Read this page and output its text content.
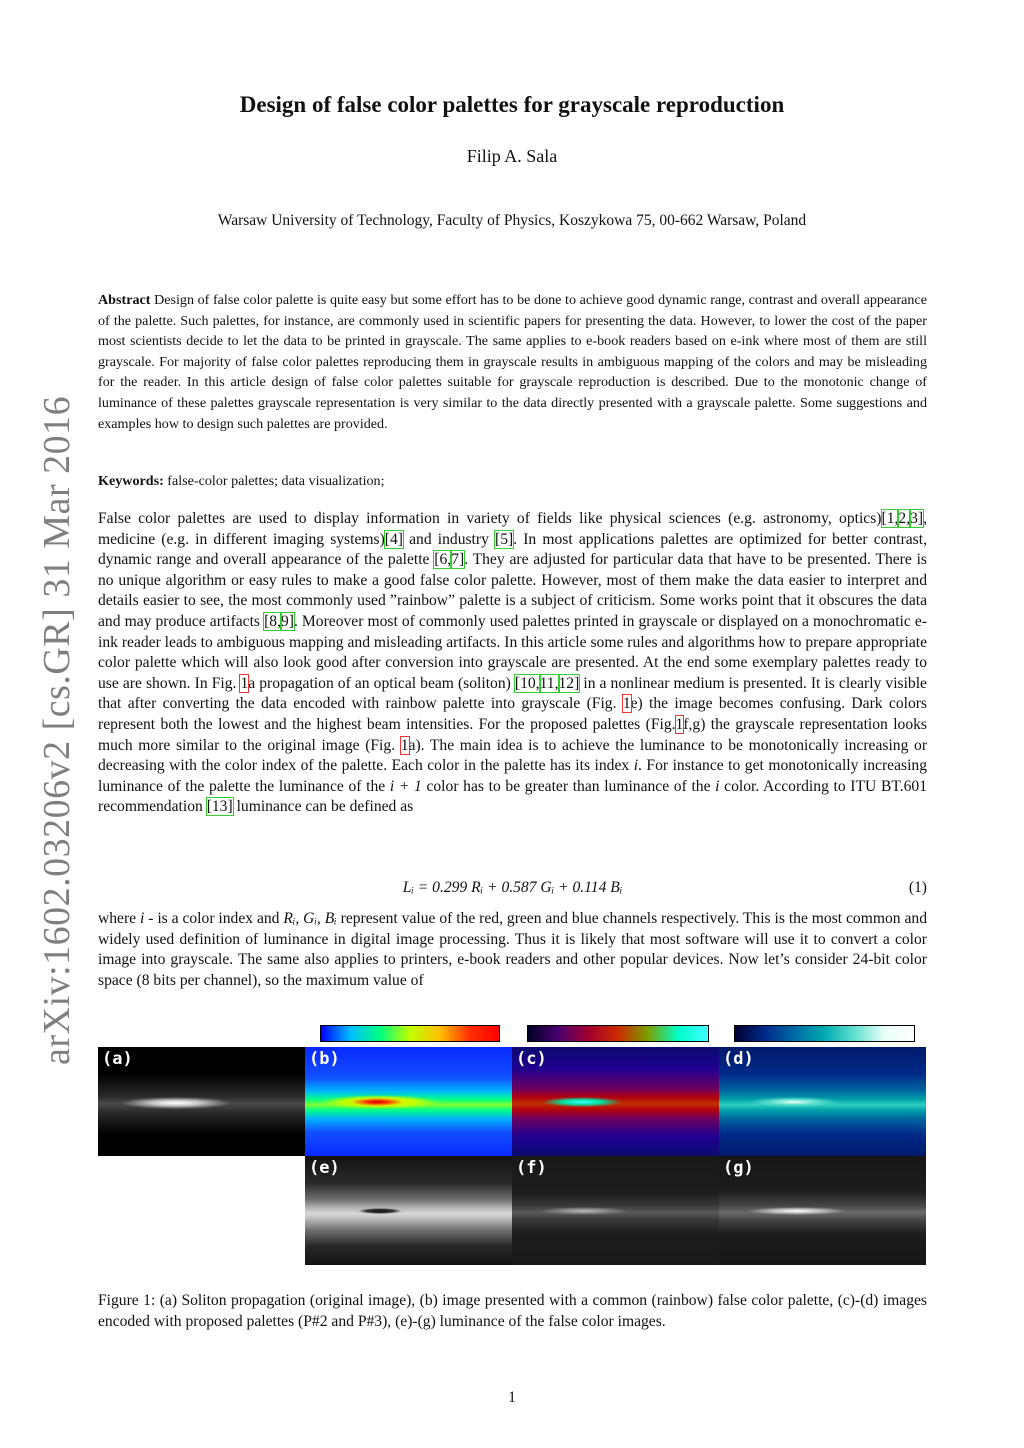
arXiv:1602.03206v2 [cs.GR] 31 Mar 2016
Design of false color palettes for grayscale reproduction
Filip A. Sala
Warsaw University of Technology, Faculty of Physics, Koszykowa 75, 00-662 Warsaw, Poland

Abstract Design of false color palette is quite easy but some effort has to be done to achieve good dynamic range, contrast and overall appearance of the palette. Such palettes, for instance, are commonly used in scientific papers for presenting the data. However, to lower the cost of the paper most scientists decide to let the data to be printed in grayscale. The same applies to e-book readers based on e-ink where most of them are still grayscale. For majority of false color palettes reproducing them in grayscale results in ambiguous mapping of the colors and may be misleading for the reader. In this article design of false color palettes suitable for grayscale reproduction is described. Due to the monotonic change of luminance of these palettes grayscale representation is very similar to the data directly presented with a grayscale palette. Some suggestions and examples how to design such palettes are provided.

Keywords: false-color palettes; data visualization;

False color palettes are used to display information in variety of fields like physical sciences (e.g. astronomy, optics)[1,2,3], medicine (e.g. in different imaging systems)[4] and industry [5]. In most applications palettes are optimized for better contrast, dynamic range and overall appearance of the palette [6,7]. They are adjusted for particular data that have to be presented. There is no unique algorithm or easy rules to make a good false color palette. However, most of them make the data easier to interpret and details easier to see, the most commonly used ”rainbow” palette is a subject of criticism. Some works point that it obscures the data and may produce artifacts [8,9]. Moreover most of commonly used palettes printed in grayscale or displayed on a monochromatic e-ink reader leads to ambiguous mapping and misleading artifacts. In this article some rules and algorithms how to prepare appropriate color palette which will also look good after conversion into grayscale are presented. At the end some exemplary palettes ready to use are shown. In Fig. 1a propagation of an optical beam (soliton) [10,11,12] in a nonlinear medium is presented. It is clearly visible that after converting the data encoded with rainbow palette into grayscale (Fig. 1e) the image becomes confusing. Dark colors represent both the lowest and the highest beam intensities. For the proposed palettes (Fig.1f,g) the grayscale representation looks much more similar to the original image (Fig. 1a). The main idea is to achieve the luminance to be monotonically increasing or decreasing with the color index of the palette. Each color in the palette has its index i. For instance to get monotonically increasing luminance of the palette the luminance of the i + 1 color has to be greater than luminance of the i color. According to ITU BT.601 recommendation [13] luminance can be defined as

Lᵢ = 0.299 Rᵢ + 0.587 Gᵢ + 0.114 Bᵢ	(1)

where i - is a color index and Rᵢ, Gᵢ, Bᵢ represent value of the red, green and blue channels respectively. This is the most common and widely used definition of luminance in digital image processing. Thus it is likely that most software will use it to convert a color image into grayscale. The same also applies to printers, e-book readers and other popular devices. Now let’s consider 24-bit color space (8 bits per channel), so the maximum value of

(a)	(b)	(c)	(d)
(e)	(f)	(g)

Figure 1: (a) Soliton propagation (original image), (b) image presented with a common (rainbow) false color palette, (c)-(d) images encoded with proposed palettes (P#2 and P#3), (e)-(g) luminance of the false color images.

1
